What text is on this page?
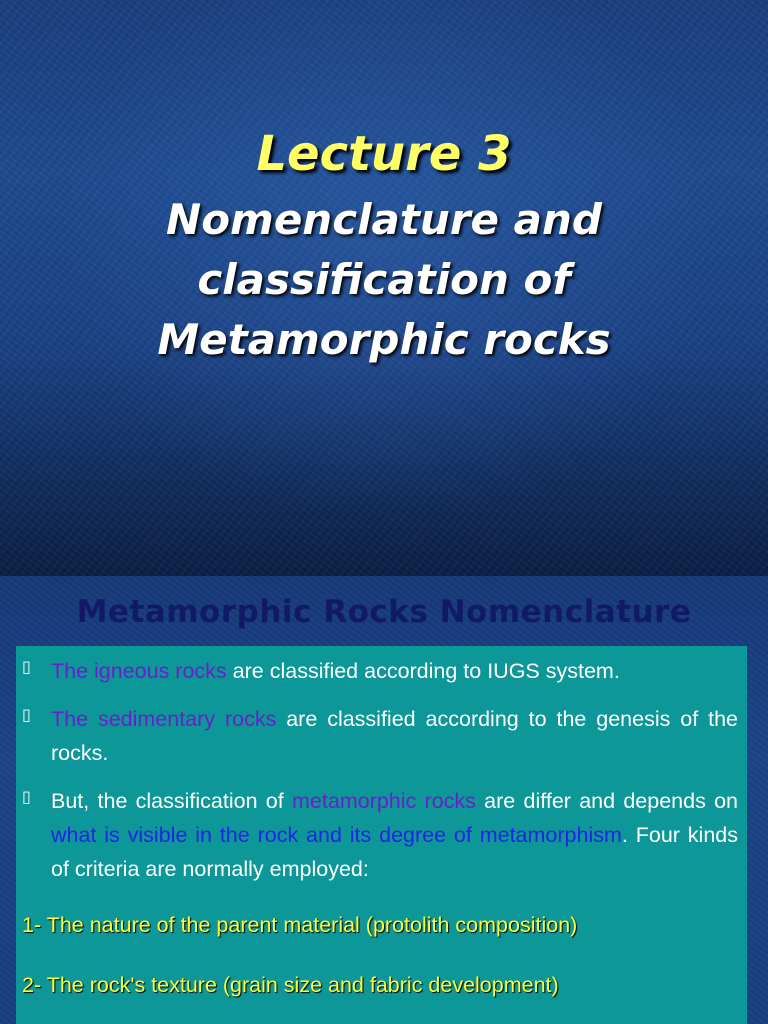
Lecture 3
Nomenclature and
classification of
Metamorphic rocks
Metamorphic Rocks Nomenclature
▯ The igneous rocks are classified according to IUGS system.
▯ The sedimentary rocks are classified according to the genesis of the rocks.
▯ But, the classification of metamorphic rocks are differ and depends on what is visible in the rock and its degree of metamorphism. Four kinds of criteria are normally employed:
1- The nature of the parent material (protolith composition)
2- The rock's texture (grain size and fabric development)
